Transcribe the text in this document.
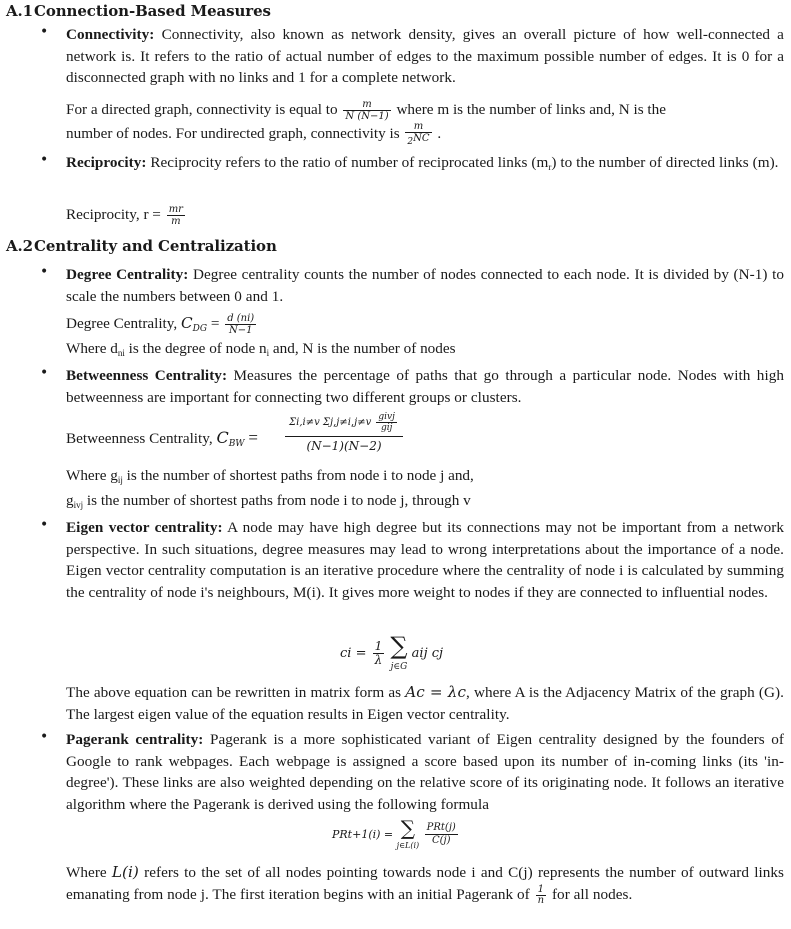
A.1Connection-Based Measures
• Connectivity: Connectivity, also known as network density, gives an overall picture of how well-connected a network is. It refers to the ratio of actual number of edges to the maximum possible number of edges. It is 0 for a disconnected graph with no links and 1 for a complete network.
For a directed graph, connectivity is equal to $\frac{m}{N (N-1)}$ where m is the number of links and, N is the
number of nodes. For undirected graph, connectivity is $\frac{m}{2NC}$ .
• Reciprocity: Reciprocity refers to the ratio of number of reciprocated links $(m_r)$ to the number of directed links (m).
Reciprocity, $r = \frac{mr}{m}$
A.2Centrality and Centralization
• Degree Centrality: Degree centrality counts the number of nodes connected to each node. It is divided by (N-1) to scale the numbers between 0 and 1.
Degree Centrality, $C_{DG} = \frac{d (ni)}{N-1}$
Where $d_{ni}$ is the degree of node $n_i$ and, N is the number of nodes
• Betweenness Centrality: Measures the percentage of paths that go through a particular node. Nodes with high betweenness are important for connecting two different groups or clusters.
Betweenness Centrality, $C_{BW}$ =
Σi,i≠v $\Sigma j,j\ne i,j\ne v \frac{\text{givj}}{\text{gij}}$
(N−1)(N−2)
Where $g_{ij}$ is the number of shortest paths from node i to node j and,
$g_{ivj}$ is the number of shortest paths from node i to node j, through v
• Eigen vector centrality: A node may have high degree but its connections may not be important from a network perspective. In such situations, degree measures may lead to wrong interpretations about the importance of a node. Eigen vector centrality computation is an iterative procedure where the centrality of node i is calculated by summing the centrality of node i's neighbours, M(i). It gives more weight to nodes if they are connected to influential nodes.
ci = $\frac{1}{\lambda}$ ∑
j∈G aij cj
The above equation can be rewritten in matrix form as Ac = λc, where A is the Adjacency Matrix of the graph (G). The largest eigen value of the equation results in Eigen vector centrality.
• Pagerank centrality: Pagerank is a more sophisticated variant of Eigen centrality designed by the founders of Google to rank webpages. Each webpage is assigned a score based upon its number of in-coming links (its 'in-degree'). These links are also weighted depending on the relative score of its originating node. It follows an iterative algorithm where the Pagerank is derived using the following formula
PRt+1(i) = ∑
j∈L(i) $\frac{\text{PRt(j)}}{C(j)}$
Where L(i) refers to the set of all nodes pointing towards node i and C(j) represents the number of outward links emanating from node j. The first iteration begins with an initial Pagerank of $\frac{1}{n}$ for all nodes.
